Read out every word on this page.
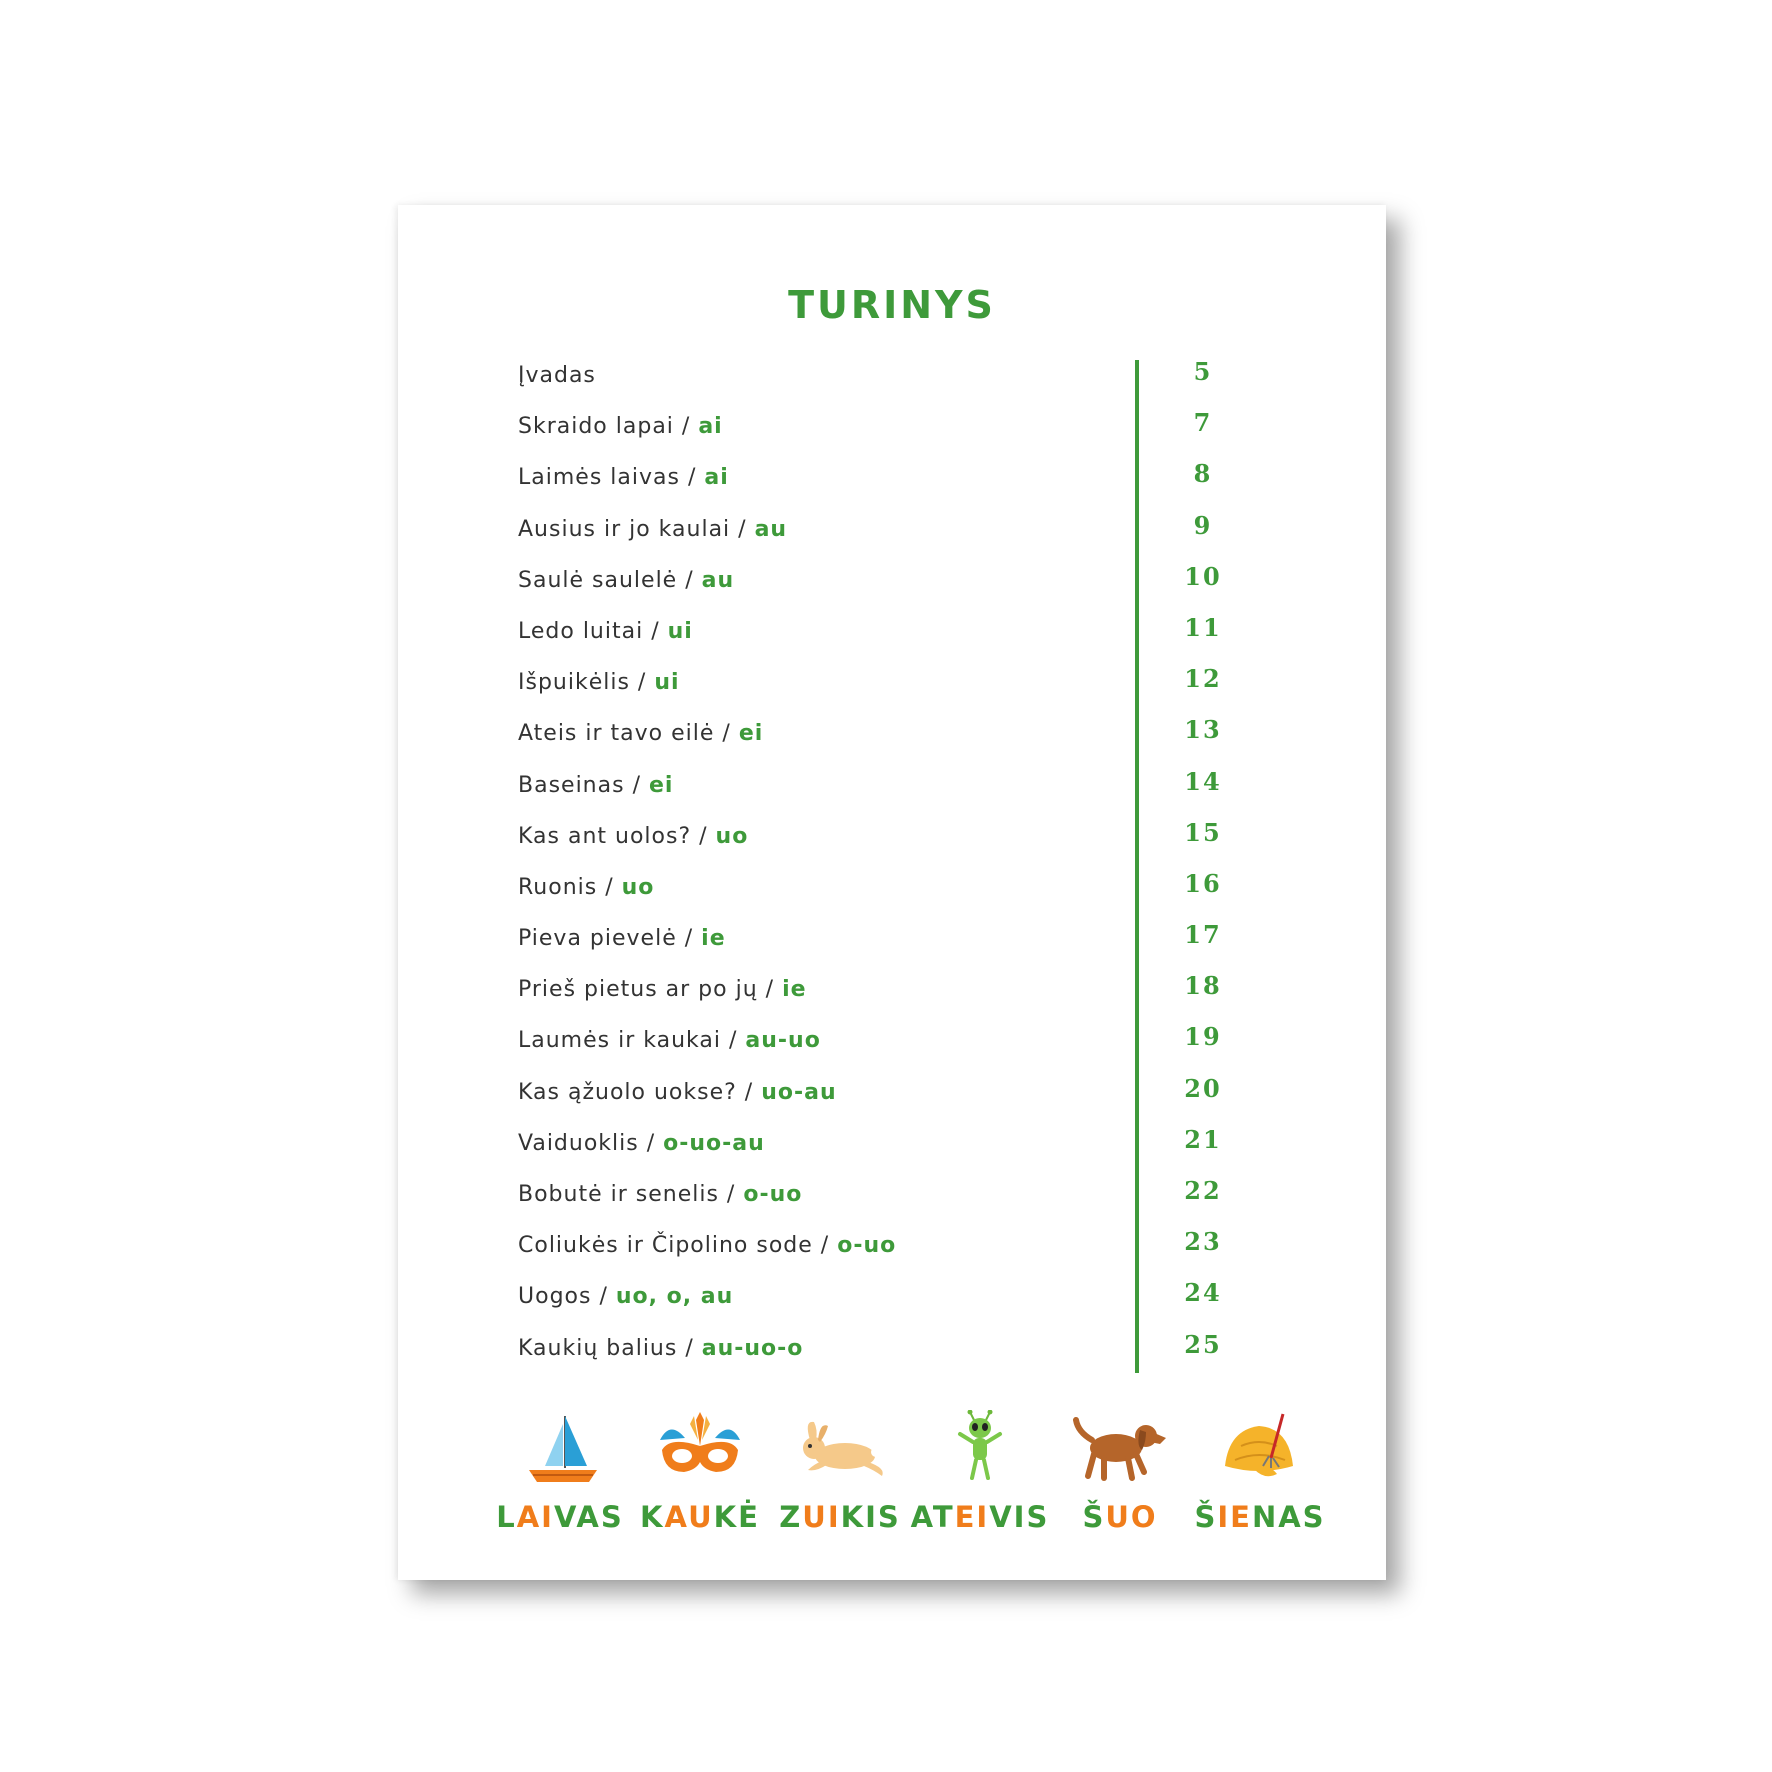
TURINYS
Įvadas	5
Skraido lapai / ai	7
Laimės laivas / ai	8
Ausius ir jo kaulai / au	9
Saulė saulelė / au	10
Ledo luitai / ui	11
Išpuikėlis / ui	12
Ateis ir tavo eilė / ei	13
Baseinas / ei	14
Kas ant uolos? / uo	15
Ruonis / uo	16
Pieva pievelė / ie	17
Prieš pietus ar po jų / ie	18
Laumės ir kaukai / au-uo	19
Kas ąžuolo uokse? / uo-au	20
Vaiduoklis / o-uo-au	21
Bobutė ir senelis / o-uo	22
Coliukės ir Čipolino sode / o-uo	23
Uogos / uo, o, au	24
Kaukių balius / au-uo-o	25
LAIVAS KAUKĖ ZUIKIS ATEIVIS	ŠUO	ŠIENAS
